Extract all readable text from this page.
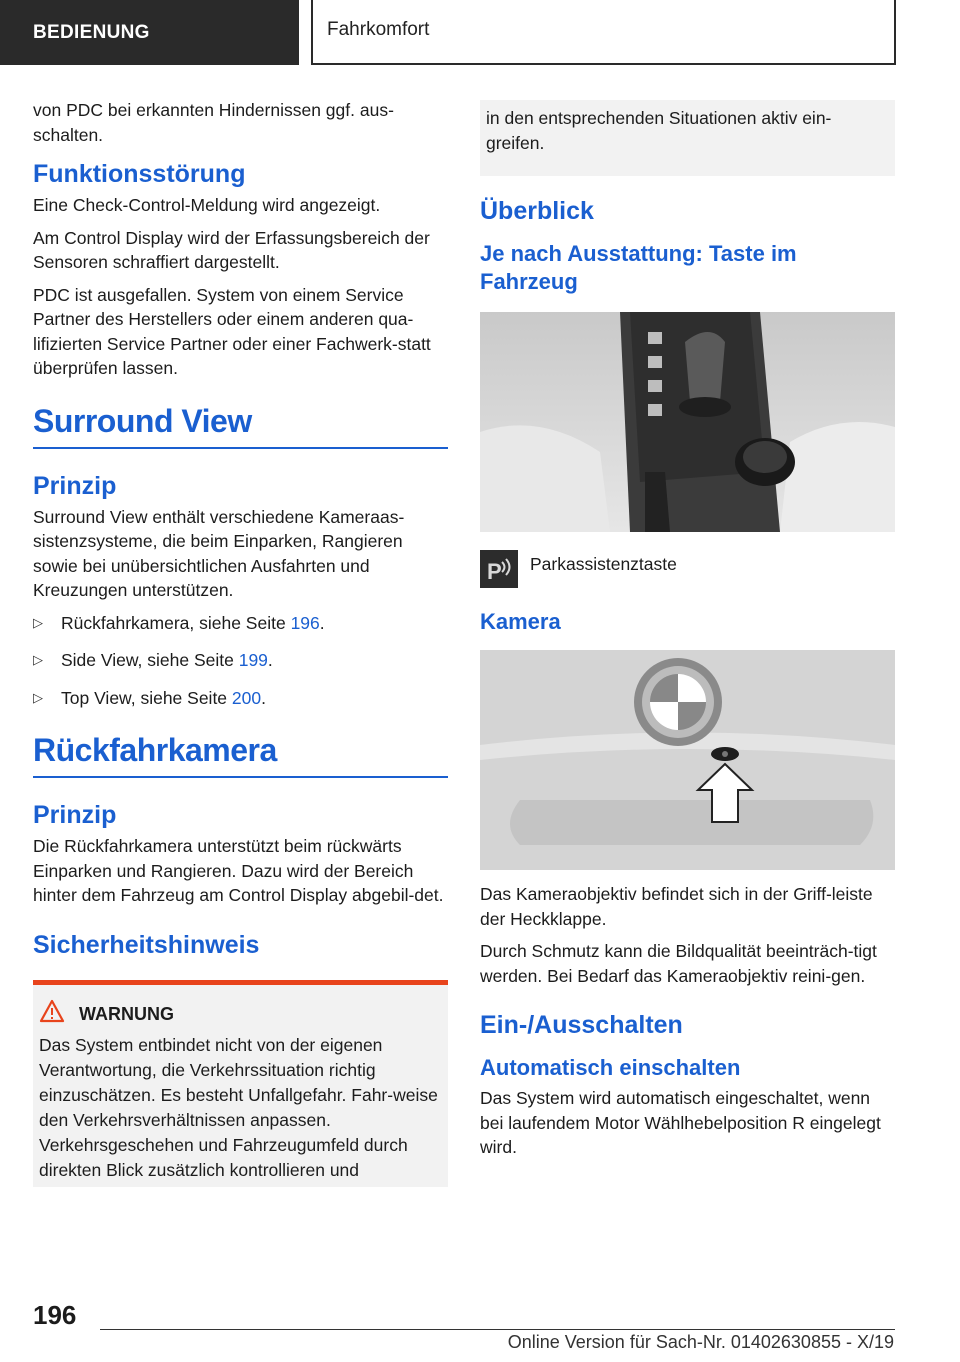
BEDIENUNG	Fahrkomfort

von PDC bei erkannten Hindernissen ggf. aus-schalten.

Funktionsstörung

Eine Check-Control-Meldung wird angezeigt.

Am Control Display wird der Erfassungsbereich der Sensoren schraffiert dargestellt.

PDC ist ausgefallen. System von einem Service Partner des Herstellers oder einem anderen qua-lifizierten Service Partner oder einer Fachwerk-statt überprüfen lassen.

Surround View
Prinzip

Surround View enthält verschiedene Kameraas-sistenzsysteme, die beim Einparken, Rangieren sowie bei unübersichtlichen Ausfahrten und Kreuzungen unterstützen.

▷ Rückfahrkamera, siehe Seite 196.
▷ Side View, siehe Seite 199.
▷ Top View, siehe Seite 200.
Rückfahrkamera
Prinzip

Die Rückfahrkamera unterstützt beim rückwärts Einparken und Rangieren. Dazu wird der Bereich hinter dem Fahrzeug am Control Display abgebil-det.

Sicherheitshinweis
WARNUNG

Das System entbindet nicht von der eigenen Verantwortung, die Verkehrssituation richtig einzuschätzen. Es besteht Unfallgefahr. Fahr-weise den Verkehrsverhältnissen anpassen. Verkehrsgeschehen und Fahrzeugumfeld durch direkten Blick zusätzlich kontrollieren und

in den entsprechenden Situationen aktiv ein-greifen.

Überblick
Je nach Ausstattung: Taste im Fahrzeug
P Parkassistenztaste
Kamera

Das Kameraobjektiv befindet sich in der Griff-leiste der Heckklappe.

Durch Schmutz kann die Bildqualität beeinträch-tigt werden. Bei Bedarf das Kameraobjektiv reini-gen.

Ein-/Ausschalten
Automatisch einschalten

Das System wird automatisch eingeschaltet, wenn bei laufendem Motor Wählhebelposition R eingelegt wird.

196
Online Version für Sach-Nr. 01402630855 - X/19
